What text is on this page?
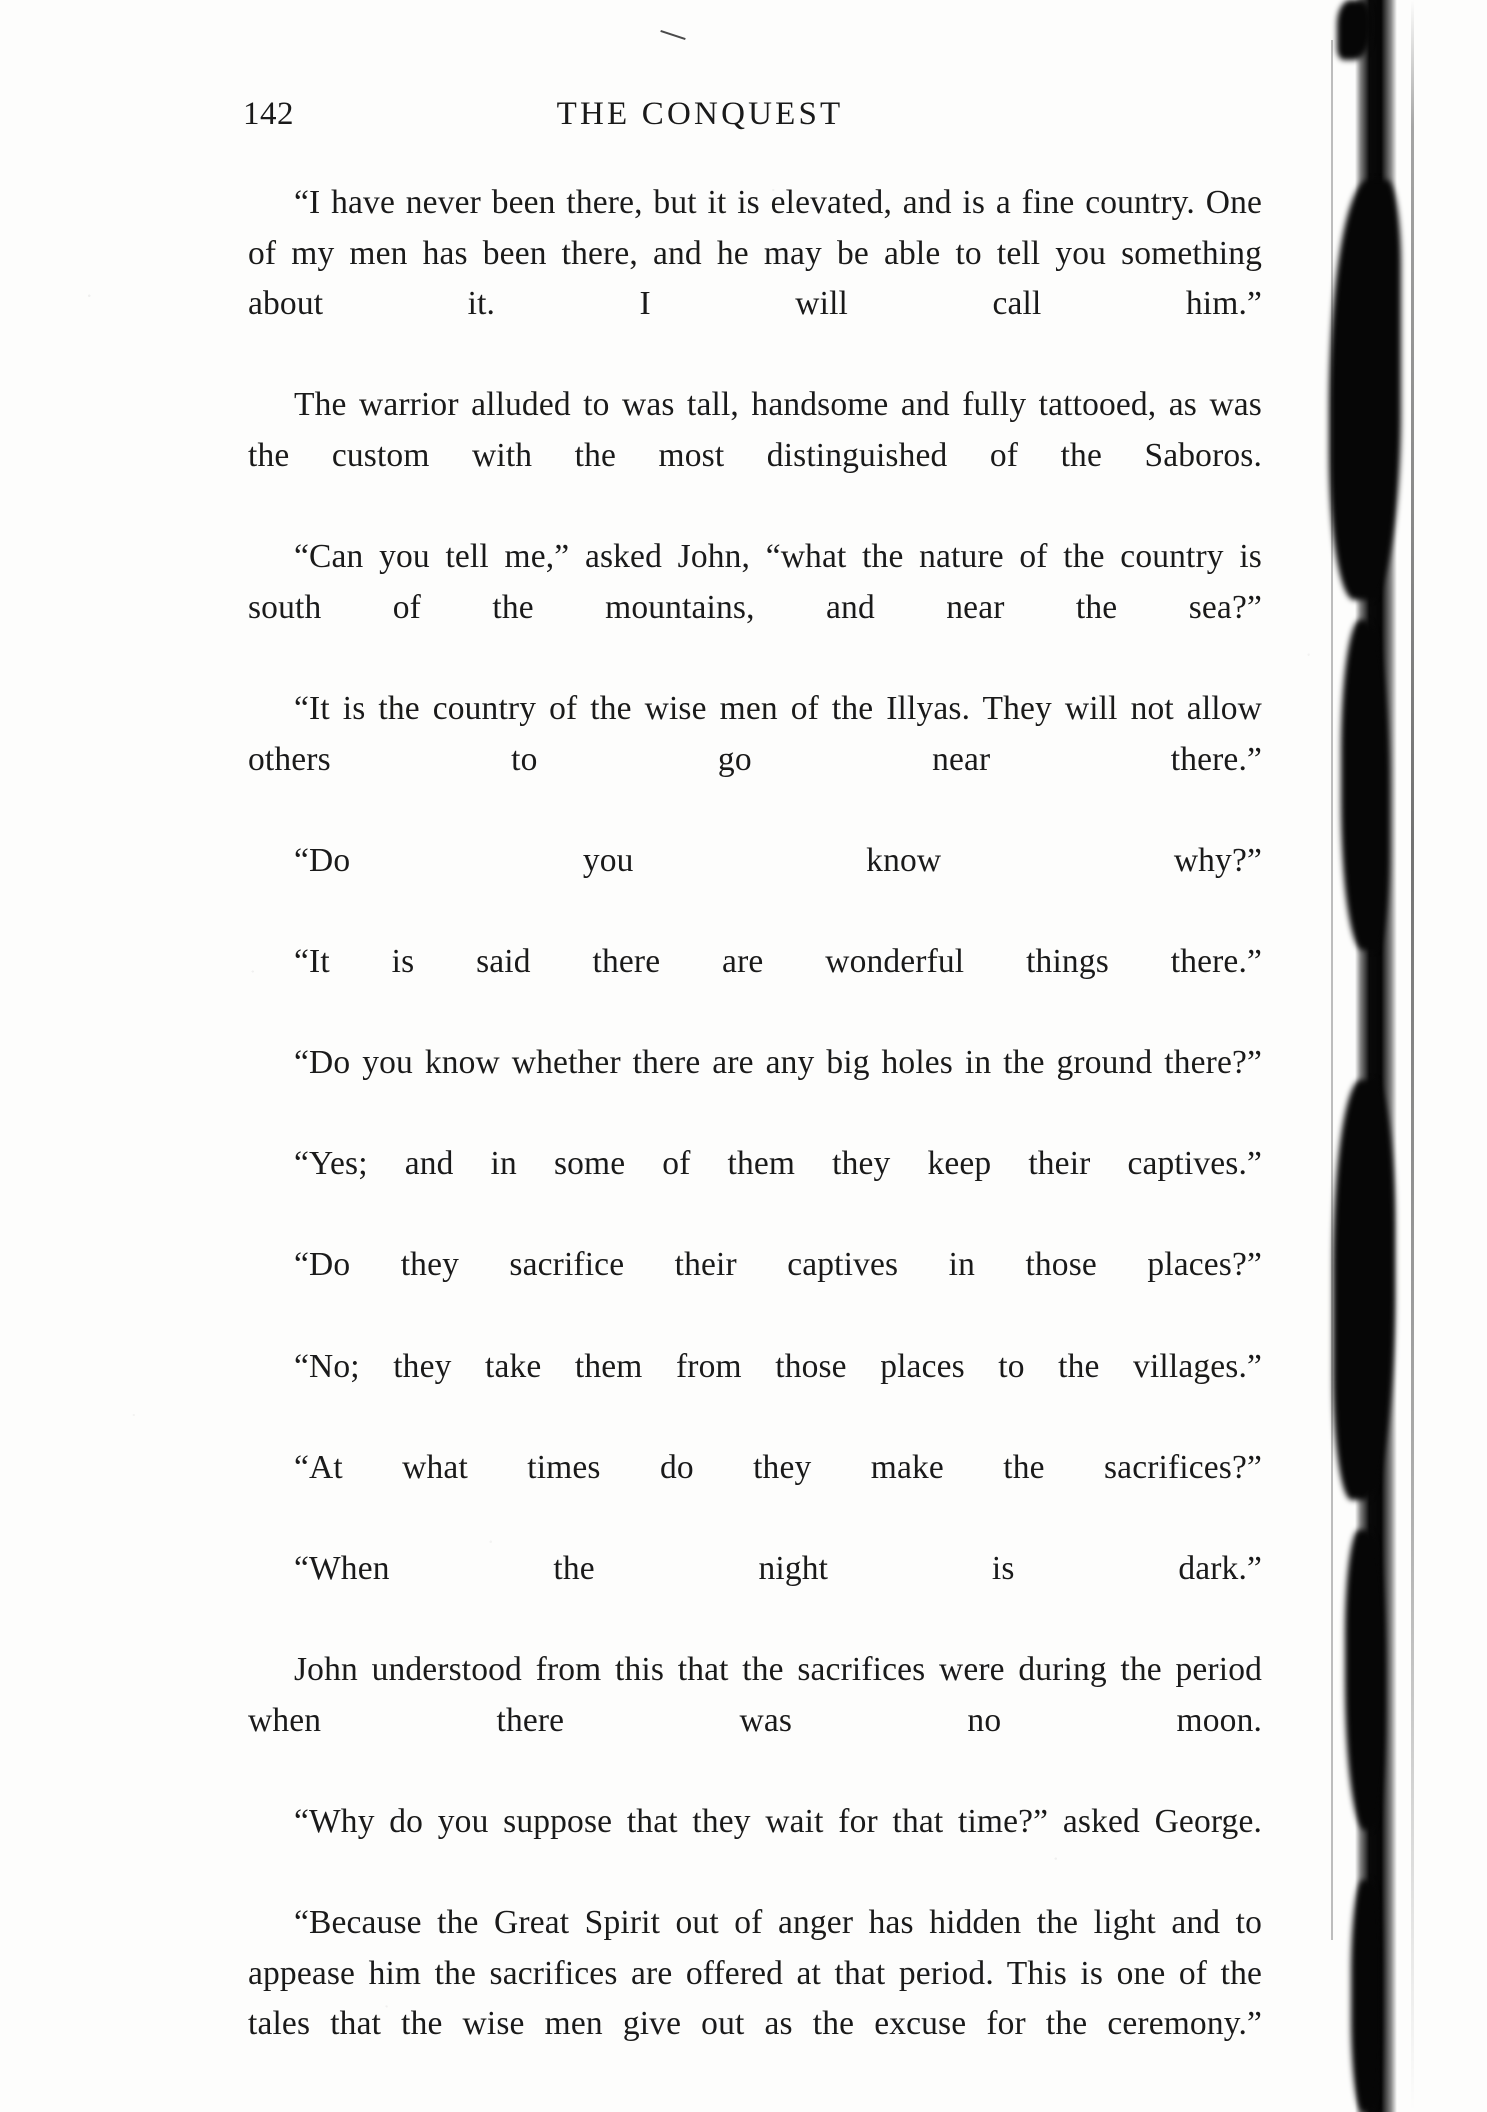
142	THE CONQUEST

“I have never been there, but it is elevated, and is a fine country. One of my men has been there, and he may be able to tell you something about it. I will call him.”

The warrior alluded to was tall, handsome and fully tattooed, as was the custom with the most distinguished of the Saboros.

“Can you tell me,” asked John, “what the nature of the country is south of the mountains, and near the sea?”

“It is the country of the wise men of the Illyas. They will not allow others to go near there.”

“Do you know why?”

“It is said there are wonderful things there.”

“Do you know whether there are any big holes in the ground there?”

“Yes; and in some of them they keep their captives.”

“Do they sacrifice their captives in those places?”

“No; they take them from those places to the villages.”

“At what times do they make the sacrifices?”

“When the night is dark.”

John understood from this that the sacrifices were during the period when there was no moon.

“Why do you suppose that they wait for that time?” asked George.

“Because the Great Spirit out of anger has hidden the light and to appease him the sacrifices are offered at that period. This is one of the tales that the wise men give out as the excuse for the ceremony.”
